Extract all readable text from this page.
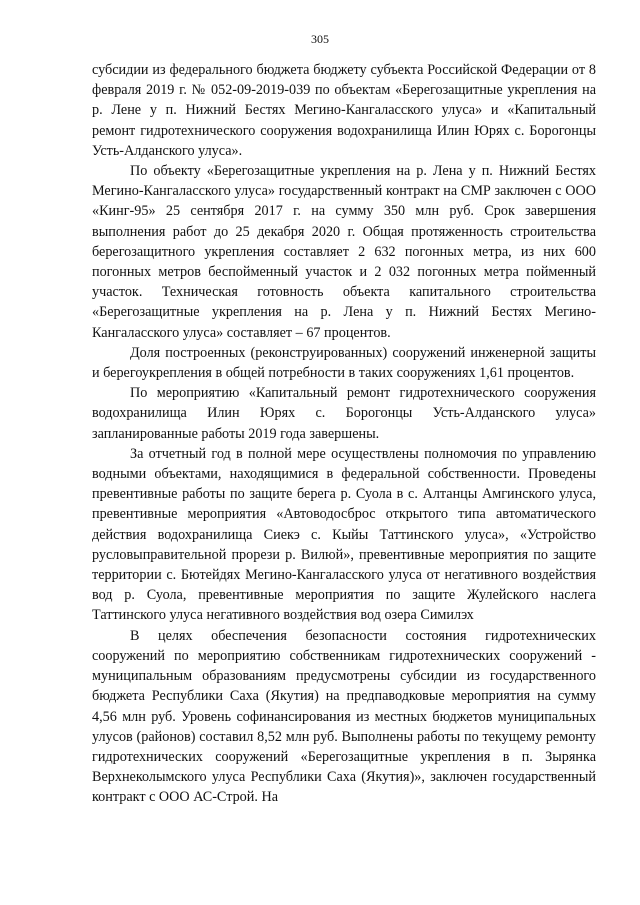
305

субсидии из федерального бюджета бюджету субъекта Российской Федерации от 8 февраля 2019 г. № 052-09-2019-039 по объектам «Берегозащитные укрепления на р. Лене у п. Нижний Бестях Мегино-Кангаласского улуса» и «Капитальный ремонт гидротехнического сооружения водохранилища Илин Юрях с. Борогонцы Усть-Алданского улуса».

По объекту «Берегозащитные укрепления на р. Лена у п. Нижний Бестях Мегино-Кангаласского улуса» государственный контракт на СМР заключен с ООО «Кинг-95» 25 сентября 2017 г. на сумму 350 млн руб. Срок завершения выполнения работ до 25 декабря 2020 г. Общая протяженность строительства берегозащитного укрепления составляет 2 632 погонных метра, из них 600 погонных метров беспойменный участок и 2 032 погонных метра пойменный участок. Техническая готовность объекта капитального строительства «Берегозащитные укрепления на р. Лена у п. Нижний Бестях Мегино-Кангаласского улуса» составляет – 67 процентов.

Доля построенных (реконструированных) сооружений инженерной защиты и берегоукрепления в общей потребности в таких сооружениях 1,61 процентов.

По мероприятию «Капитальный ремонт гидротехнического сооружения водохранилища Илин Юрях с. Борогонцы Усть-Алданского улуса» запланированные работы 2019 года завершены.

За отчетный год в полной мере осуществлены полномочия по управлению водными объектами, находящимися в федеральной собственности. Проведены превентивные работы по защите берега р. Суола в с. Алтанцы Амгинского улуса, превентивные мероприятия «Автоводосброс открытого типа автоматического действия водохранилища Сиекэ с. Кыйы Таттинского улуса», «Устройство русловыправительной прорези р. Вилюй», превентивные мероприятия по защите территории с. Бютейдях Мегино-Кангаласского улуса от негативного воздействия вод р. Суола, превентивные мероприятия по защите Жулейского наслега Таттинского улуса негативного воздействия вод озера Симилэх

В целях обеспечения безопасности состояния гидротехнических сооружений по мероприятию собственникам гидротехнических сооружений - муниципальным образованиям предусмотрены субсидии из государственного бюджета Республики Саха (Якутия) на предпаводковые мероприятия на сумму 4,56 млн руб. Уровень софинансирования из местных бюджетов муниципальных улусов (районов) составил 8,52 млн руб. Выполнены работы по текущему ремонту гидротехнических сооружений «Берегозащитные укрепления в п. Зырянка Верхнеколымского улуса Республики Саха (Якутия)», заключен государственный контракт с ООО АС-Строй. На
